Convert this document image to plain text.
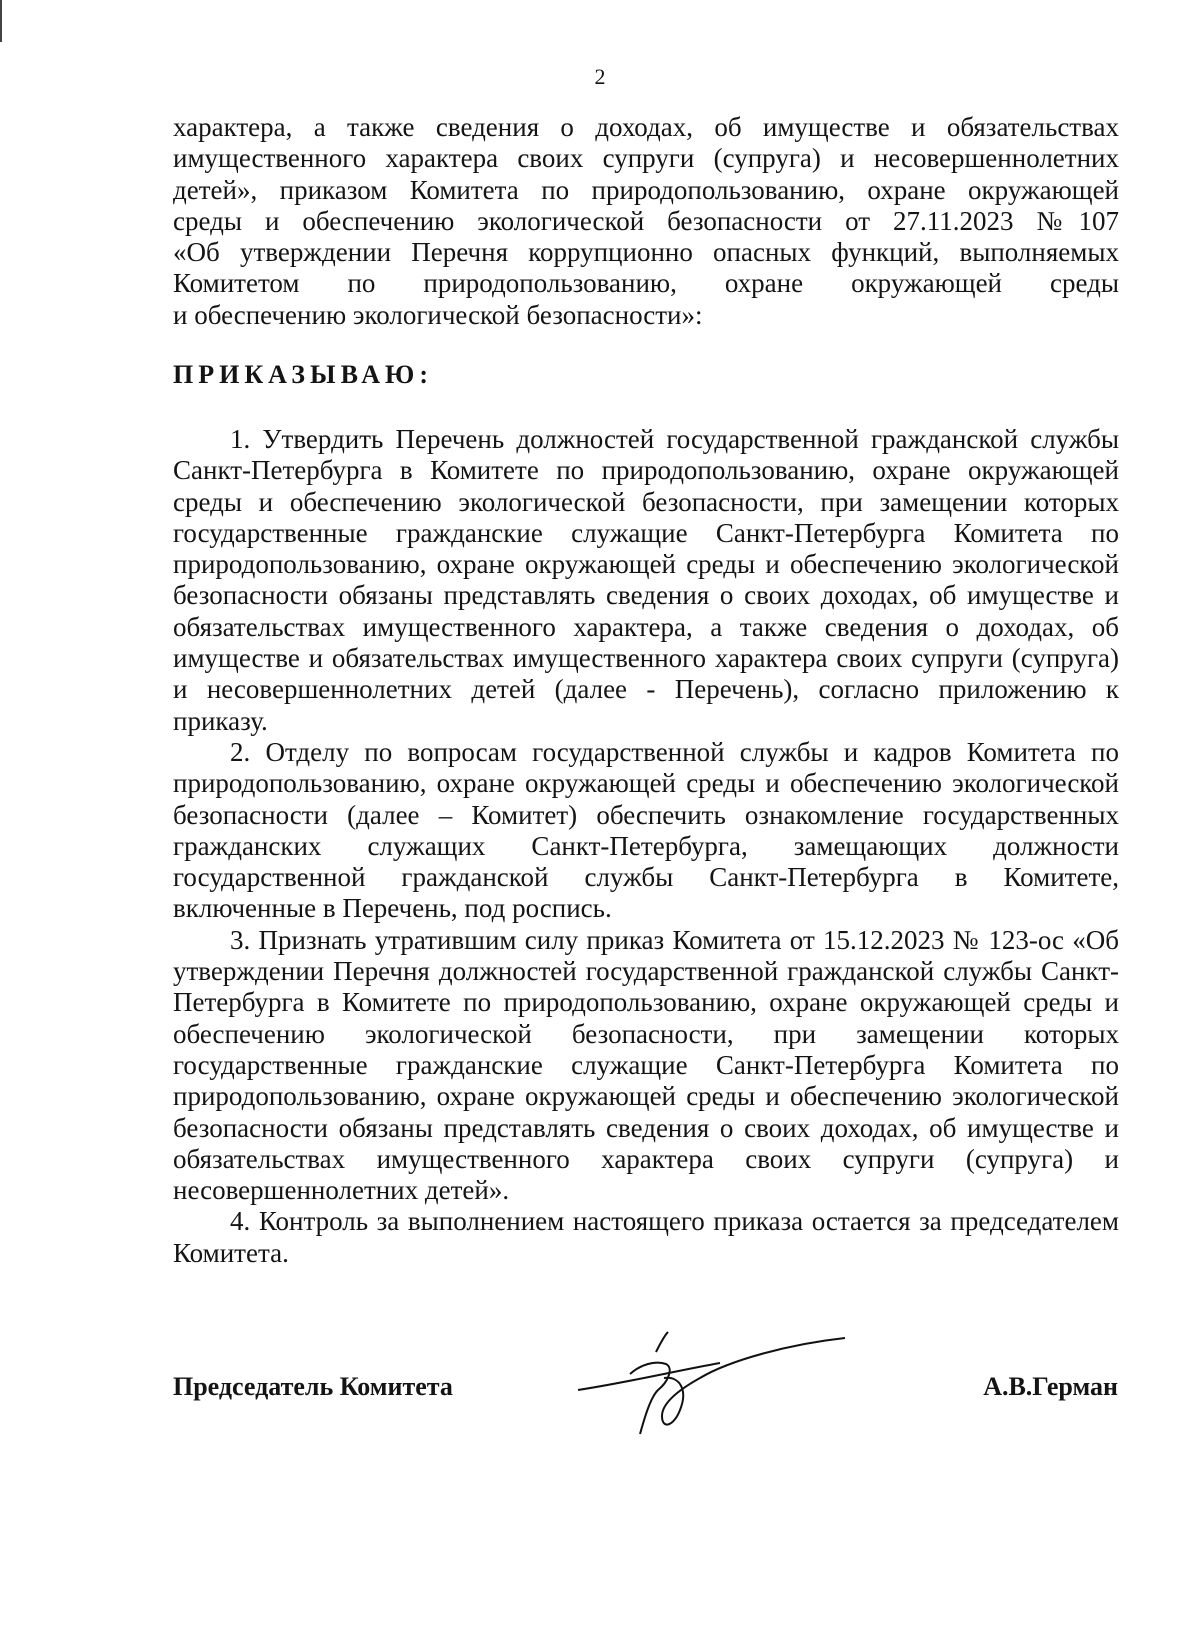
2

характера, а также сведения о доходах, об имуществе и обязательствах

имущественного характера своих супруги (супруга) и несовершеннолетних

детей», приказом Комитета по природопользованию, охране окружающей

среды и обеспечению экологической безопасности от 27.11.2023 №107

«Об утверждении Перечня коррупционно опасных функций, выполняемых

Комитетом по природопользованию, охране окружающей среды

и обеспечению экологической безопасности»:

ПРИКАЗЫВАЮ:

1. Утвердить Перечень должностей государственной гражданской службы Санкт-Петербурга в Комитете по природопользованию, охране окружающей среды и обеспечению экологической безопасности, при замещении которых государственные гражданские служащие Санкт-Петербурга Комитета по природопользованию, охране окружающей среды и обеспечению экологической безопасности обязаны представлять сведения о своих доходах, об имуществе и обязательствах имущественного характера, а также сведения о доходах, об имуществе и обязательствах имущественного характера своих супруги (супруга) и несовершеннолетних детей (далее - Перечень), согласно приложению к приказу.

2. Отделу по вопросам государственной службы и кадров Комитета по природопользованию, охране окружающей среды и обеспечению экологической безопасности (далее – Комитет) обеспечить ознакомление государственных гражданских служащих Санкт-Петербурга, замещающих должности государственной гражданской службы Санкт-Петербурга в Комитете, включенные в Перечень, под роспись.

3. Признать утратившим силу приказ Комитета от 15.12.2023 № 123-ос «Об утверждении Перечня должностей государственной гражданской службы Санкт-Петербурга в Комитете по природопользованию, охране окружающей среды и обеспечению экологической безопасности, при замещении которых государственные гражданские служащие Санкт-Петербурга Комитета по природопользованию, охране окружающей среды и обеспечению экологической безопасности обязаны представлять сведения о своих доходах, об имуществе и обязательствах имущественного характера своих супруги (супруга) и несовершеннолетних детей».

4. Контроль за выполнением настоящего приказа остается за председателем Комитета.

Председатель Комитета	А.В.Герман
